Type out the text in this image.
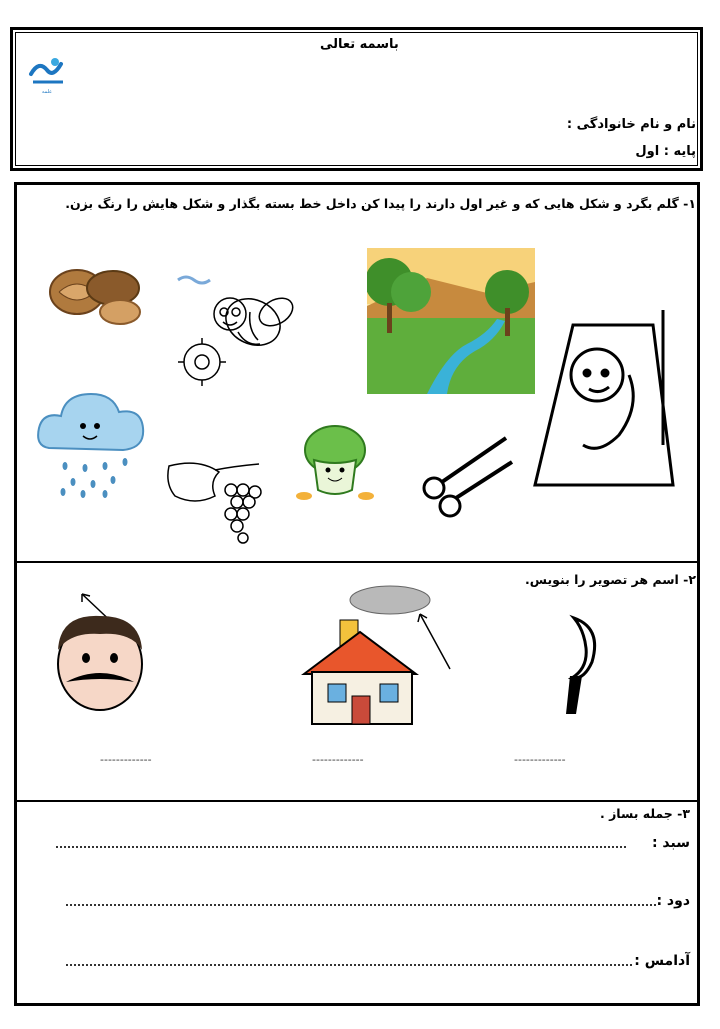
باسمه تعالی
نام و نام خانوادگی :
پایه : اول
علمه
۱- گلم بگرد و شکل هایی که و غیر اول دارند را پیدا کن داخل خط بسته بگذار و شکل هایش را رنگ بزن.
۲- اسم هر تصویر را بنویس.
-------------	-------------	-------------
۳- جمله بساز .
سبد :
دود :
آدامس :
